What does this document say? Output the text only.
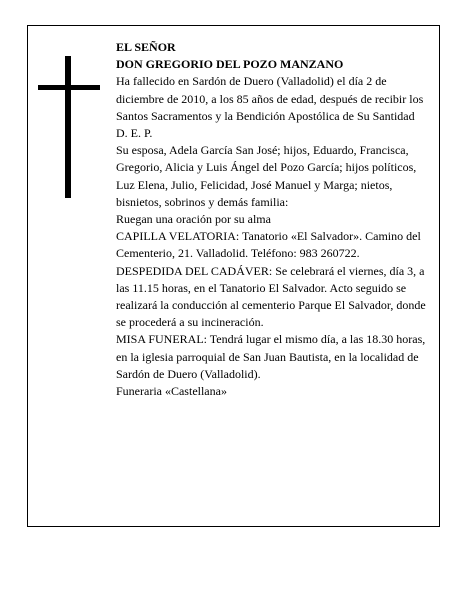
EL SEÑOR

DON GREGORIO DEL POZO MANZANO

Ha fallecido en Sardón de Duero (Valladolid) el día 2 de diciembre de 2010, a los 85 años de edad, después de recibir los Santos Sacramentos y la Bendición Apostólica de Su Santidad

D. E. P.

Su esposa, Adela García San José; hijos, Eduardo, Francisca, Gregorio, Alicia y Luis Ángel del Pozo García; hijos políticos, Luz Elena, Julio, Felicidad, José Manuel y Marga; nietos, bisnietos, sobrinos y demás familia:

Ruegan una oración por su alma

CAPILLA VELATORIA: Tanatorio «El Salvador». Camino del Cementerio, 21. Valladolid. Teléfono: 983 260722.

DESPEDIDA DEL CADÁVER: Se celebrará el viernes, día 3, a las 11.15 horas, en el Tanatorio El Salvador. Acto seguido se realizará la conducción al cementerio Parque El Salvador, donde se procederá a su incineración.

MISA FUNERAL: Tendrá lugar el mismo día, a las 18.30 horas, en la iglesia parroquial de San Juan Bautista, en la localidad de Sardón de Duero (Valladolid).

Funeraria «Castellana»
